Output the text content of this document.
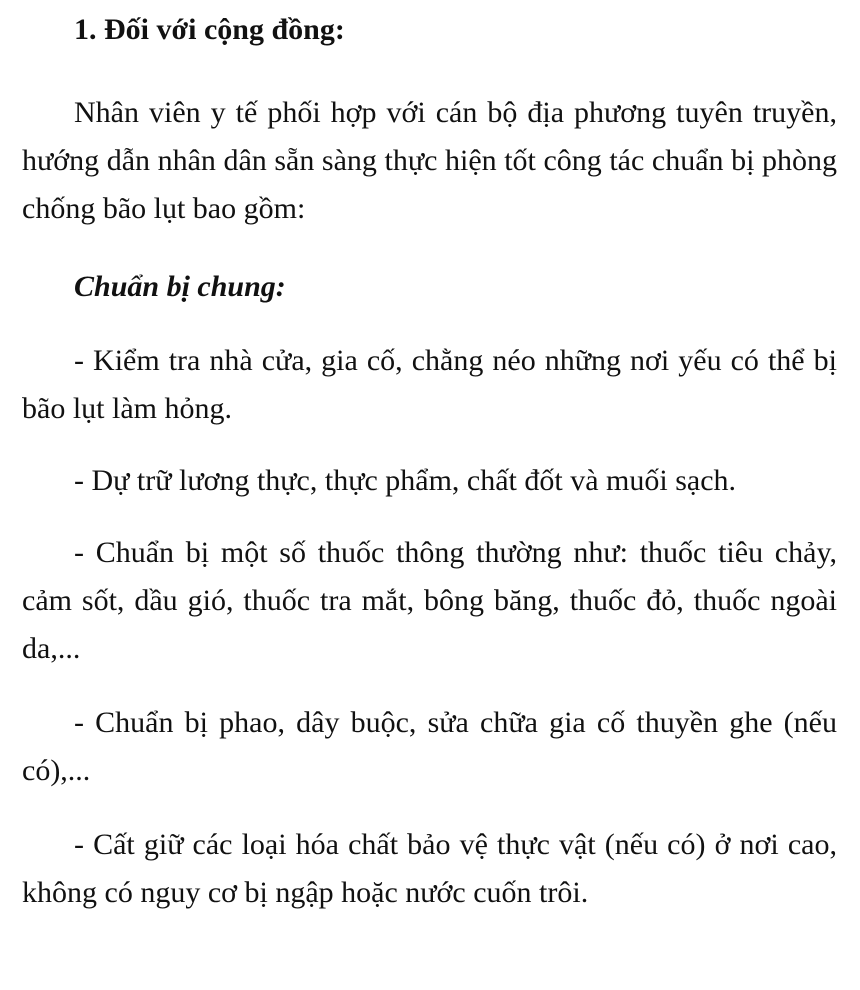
1. Đối với cộng đồng:

Nhân viên y tế phối hợp với cán bộ địa phương tuyên truyền, hướng dẫn nhân dân sẵn sàng thực hiện tốt công tác chuẩn bị phòng chống bão lụt bao gồm:

Chuẩn bị chung:

- Kiểm tra nhà cửa, gia cố, chằng néo những nơi yếu có thể bị bão lụt làm hỏng.

- Dự trữ lương thực, thực phẩm, chất đốt và muối sạch.

- Chuẩn bị một số thuốc thông thường như: thuốc tiêu chảy, cảm sốt, dầu gió, thuốc tra mắt, bông băng, thuốc đỏ, thuốc ngoài da,...

- Chuẩn bị phao, dây buộc, sửa chữa gia cố thuyền ghe (nếu có),...

- Cất giữ các loại hóa chất bảo vệ thực vật (nếu có) ở nơi cao, không có nguy cơ bị ngập hoặc nước cuốn trôi.
